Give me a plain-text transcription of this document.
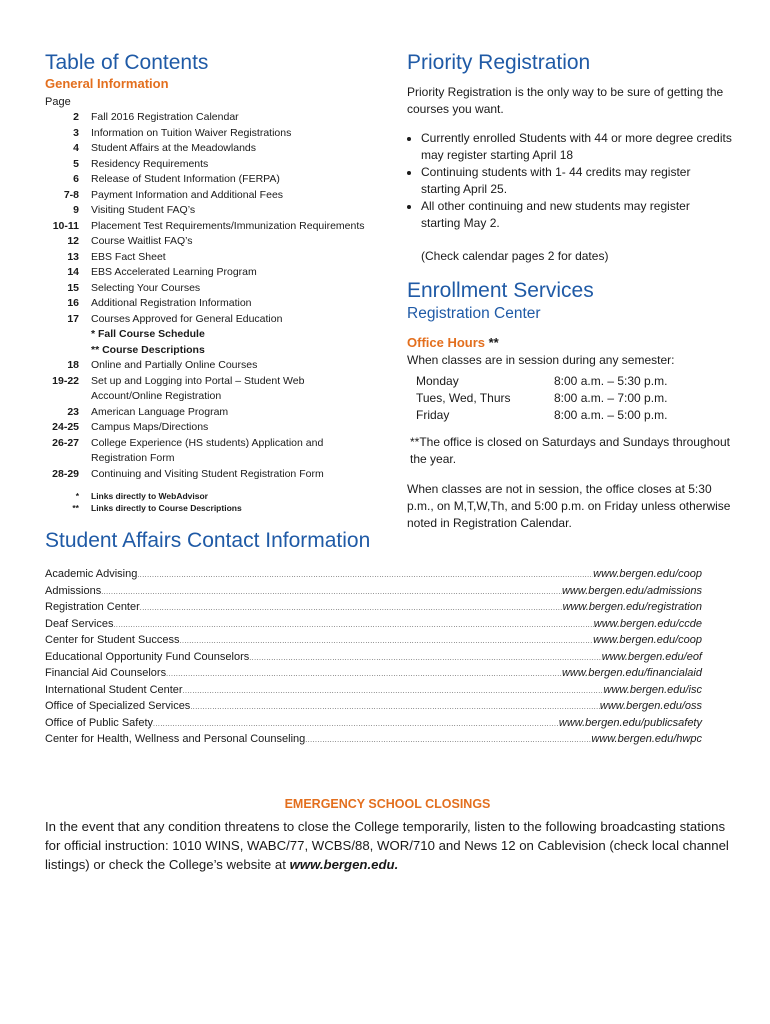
Table of Contents
General Information
Page
2	Fall 2016 Registration Calendar
3	Information on Tuition Waiver Registrations
4	Student Affairs at the Meadowlands
5	Residency Requirements
6	Release of Student Information (FERPA)
7-8	Payment Information and Additional Fees
9	Visiting Student FAQ’s
10-11	Placement Test Requirements/Immunization Requirements
12	Course Waitlist FAQ’s
13	EBS Fact Sheet
14	EBS Accelerated Learning Program
15	Selecting Your Courses
16	Additional Registration Information
17	Courses Approved for General Education
* Fall Course Schedule
** Course Descriptions
18	Online and Partially Online Courses
19-22	Set up and Logging into Portal – Student Web
Account/Online Registration
23	American Language Program
24-25	Campus Maps/Directions
26-27	College Experience (HS students) Application and
Registration Form
28-29	Continuing and Visiting Student Registration Form
*	Links directly to WebAdvisor
**	Links directly to Course Descriptions
Student Affairs Contact Information
Priority Registration

Priority Registration is the only way to be sure of getting the courses you want.

• Currently enrolled Students with 44 or more degree credits may register starting April 18
• Continuing students with 1- 44 credits may register starting April 25.
• All other continuing and new students may register starting May 2.

(Check calendar pages 2 for dates)

Enrollment Services
Registration Center
Office Hours **

When classes are in session during any semester:

Monday	8:00 a.m. – 5:30 p.m.
Tues, Wed, Thurs	8:00 a.m. – 7:00 p.m.
Friday	8:00 a.m. – 5:00 p.m.

**The office is closed on Saturdays and Sundays throughout the year.

When classes are not in session, the office closes at 5:30 p.m., on M,T,W,Th, and 5:00 p.m. on Friday unless otherwise noted in Registration Calendar.

Academic Advising .....	www.bergen.edu/coop
Admissions .....	www.bergen.edu/admissions
Registration Center .....	www.bergen.edu/registration
Deaf Services .....	www.bergen.edu/ccde
Center for Student Success .....	www.bergen.edu/coop
Educational Opportunity Fund Counselors .....	www.bergen.edu/eof
Financial Aid Counselors .....	www.bergen.edu/financialaid
International Student Center .....	www.bergen.edu/isc
Office of Specialized Services .....	www.bergen.edu/oss
Office of Public Safety .....	www.bergen.edu/publicsafety
Center for Health, Wellness and Personal Counseling .....	www.bergen.edu/hwpc
EMERGENCY SCHOOL CLOSINGS

In the event that any condition threatens to close the College temporarily, listen to the following broadcasting stations for official instruction: 1010 WINS, WABC/77, WCBS/88, WOR/710 and News 12 on Cablevision (check local channel listings) or check the College’s website at www.bergen.edu.
